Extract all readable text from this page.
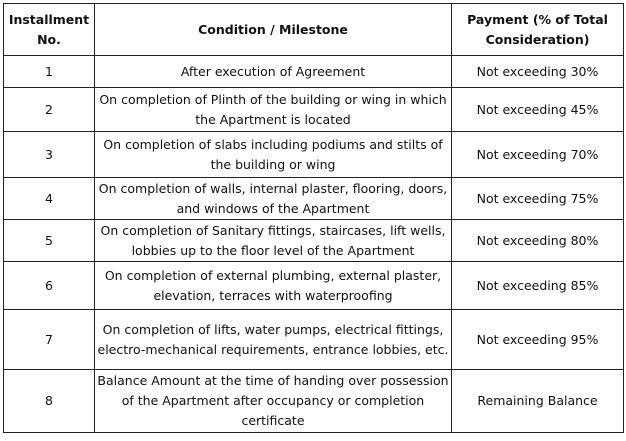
Installment No.	Condition / Milestone	Payment (% of Total Consideration)
1	After execution of Agreement	Not exceeding 30%
2	On completion of Plinth of the building or wing in which the Apartment is located	Not exceeding 45%
3	On completion of slabs including podiums and stilts of the building or wing	Not exceeding 70%
4	On completion of walls, internal plaster, flooring, doors, and windows of the Apartment	Not exceeding 75%
5	On completion of Sanitary fittings, staircases, lift wells, lobbies up to the floor level of the Apartment	Not exceeding 80%
6	On completion of external plumbing, external plaster, elevation, terraces with waterproofing	Not exceeding 85%
7	On completion of lifts, water pumps, electrical fittings, electro-mechanical requirements, entrance lobbies, etc.	Not exceeding 95%
8	Balance Amount at the time of handing over possession of the Apartment after occupancy or completion certificate	Remaining Balance
